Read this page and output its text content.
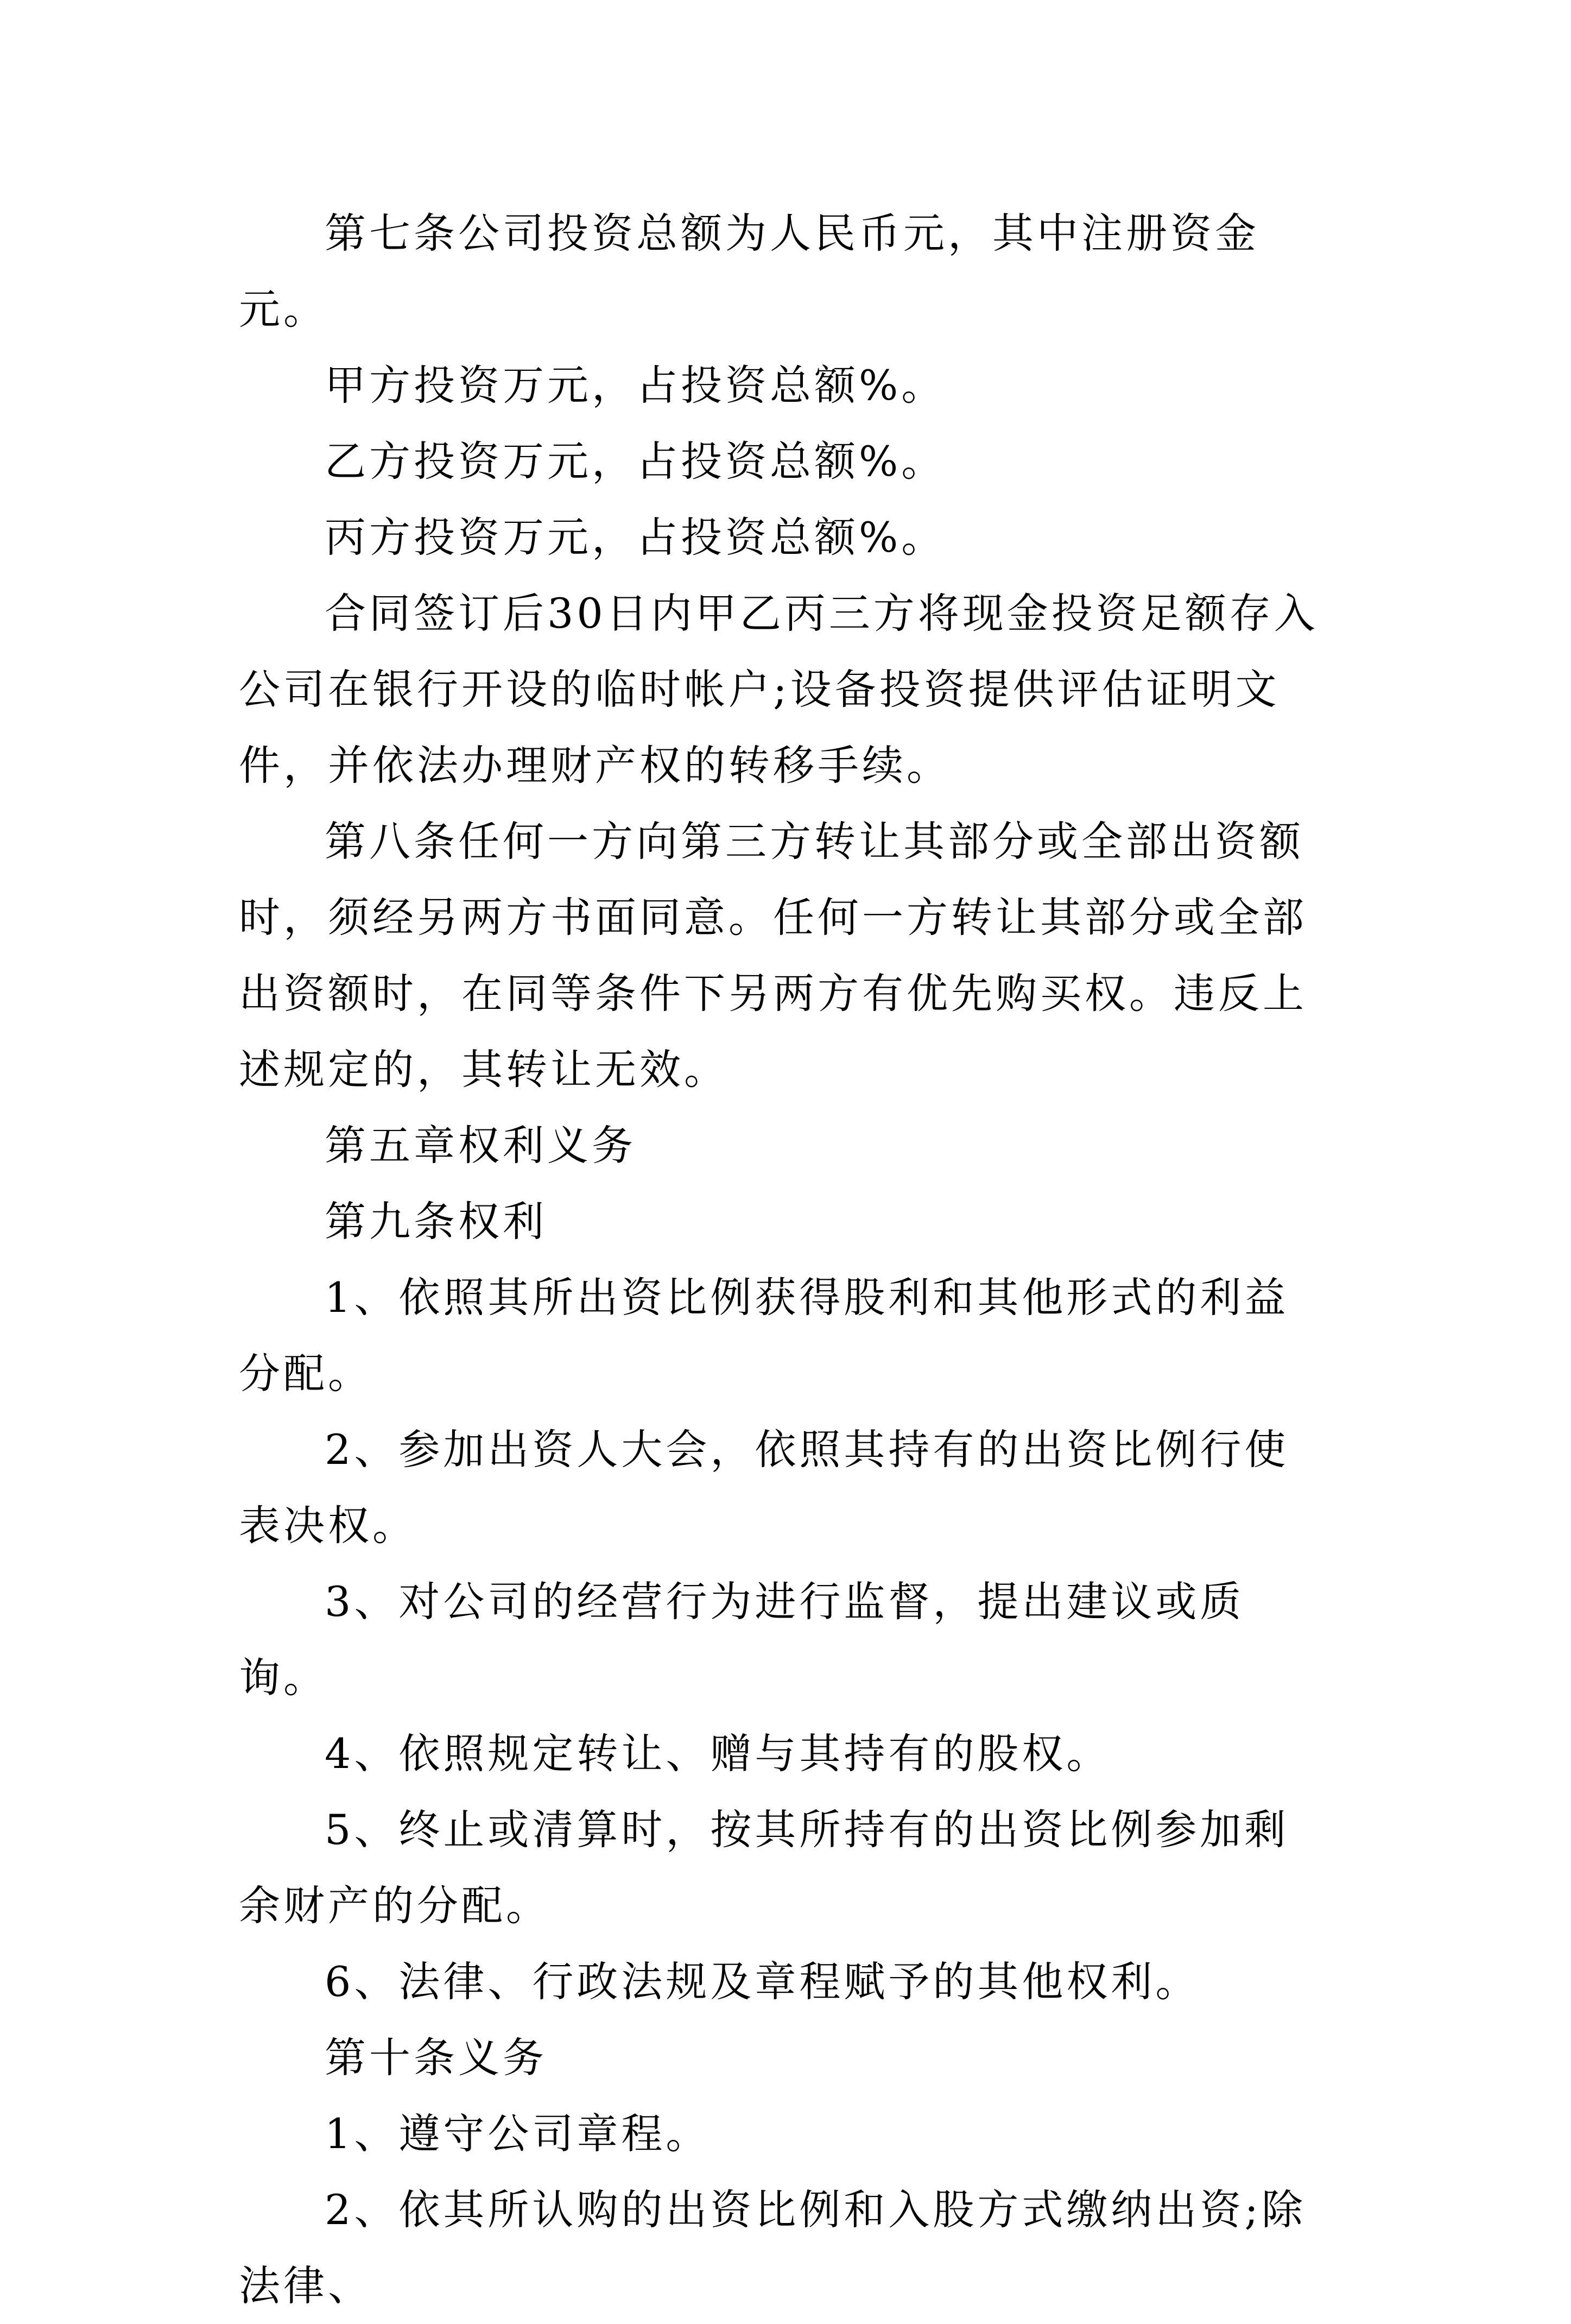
第七条公司投资总额为人民币元，其中注册资金元。

甲方投资万元，占投资总额%。

乙方投资万元，占投资总额%。

丙方投资万元，占投资总额%。

合同签订后30日内甲乙丙三方将现金投资足额存入公司在银行开设的临时帐户;设备投资提供评估证明文件，并依法办理财产权的转移手续。

第八条任何一方向第三方转让其部分或全部出资额时，须经另两方书面同意。任何一方转让其部分或全部出资额时，在同等条件下另两方有优先购买权。违反上述规定的，其转让无效。

第五章权利义务

第九条权利

1、依照其所出资比例获得股利和其他形式的利益分配。

2、参加出资人大会，依照其持有的出资比例行使表决权。

3、对公司的经营行为进行监督，提出建议或质询。

4、依照规定转让、赠与其持有的股权。

5、终止或清算时，按其所持有的出资比例参加剩余财产的分配。

6、法律、行政法规及章程赋予的其他权利。

第十条义务

1、遵守公司章程。

2、依其所认购的出资比例和入股方式缴纳出资;除法律、
